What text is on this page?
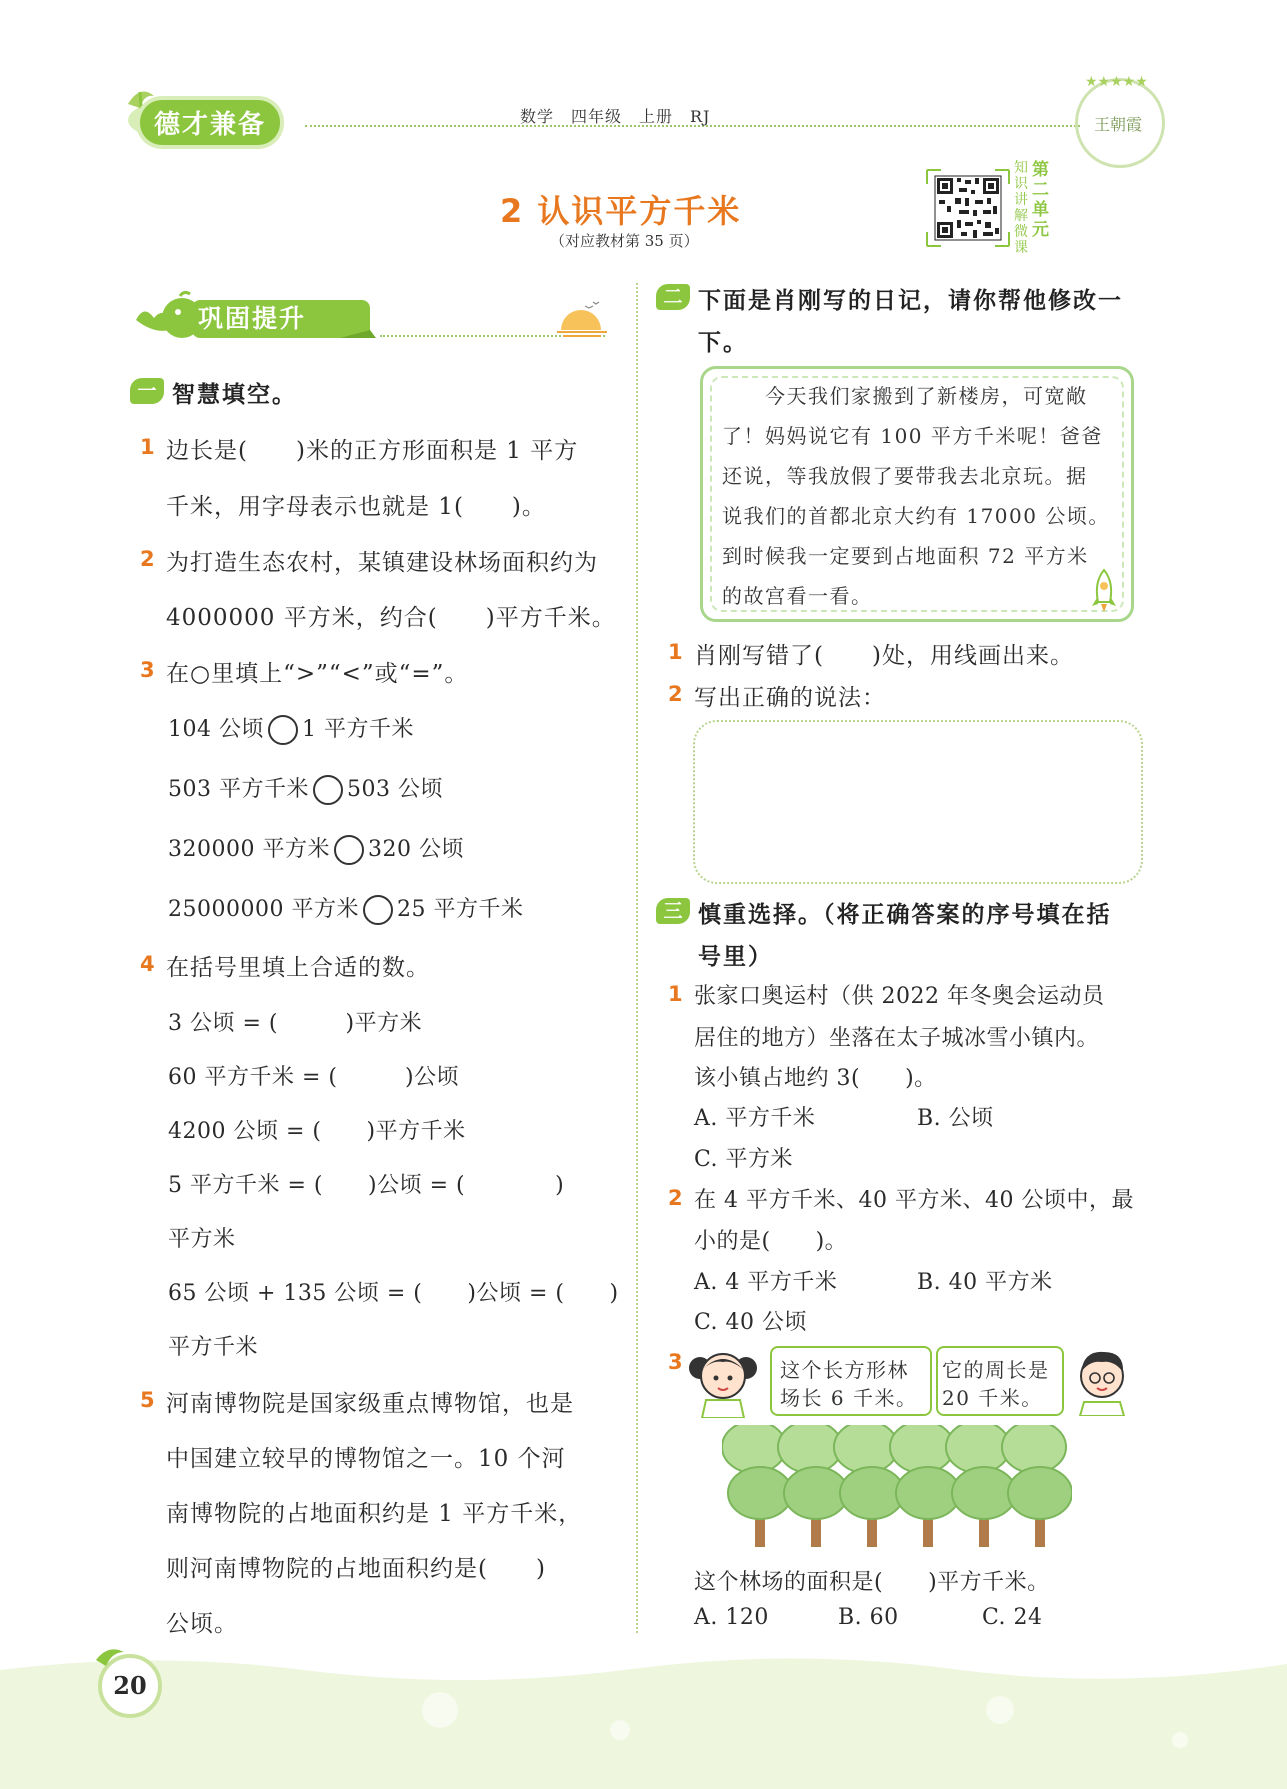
德才兼备	数学　四年级　上册　RJ
★★★★★
王朝霞
2 认识平方千米
（对应教材第 35 页）
知识讲解微课
第二单元
巩固提升
一 智慧填空。
1 边长是(　　)米的正方形面积是 1 平方
千米，用字母表示也就是 1(　　)。
2 为打造生态农村，某镇建设林场面积约为
4000000 平方米，约合(　　)平方千米。
3 在○里填上“>”“<”或“=”。
104 公顷 1 平方千米
503 平方千米 503 公顷
320000 平方米 320 公顷
25000000 平方米 25 平方千米
4 在括号里填上合适的数。
3 公顷 = (　　　)平方米
60 平方千米 = (　　　)公顷
4200 公顷 = (　　)平方千米
5 平方千米 = (　　)公顷 = (　　　　)
平方米
65 公顷 + 135 公顷 = (　　)公顷 = (　　)
平方千米
5 河南博物院是国家级重点博物馆，也是
中国建立较早的博物馆之一。10 个河
南博物院的占地面积约是 1 平方千米，
则河南博物院的占地面积约是(　　)
公顷。
二 下面是肖刚写的日记，请你帮他修改一
下。
　　今天我们家搬到了新楼房，可宽敞
了！妈妈说它有 100 平方千米呢！爸爸
还说，等我放假了要带我去北京玩。据
说我们的首都北京大约有 17000 公顷。
到时候我一定要到占地面积 72 平方米
的故宫看一看。
1 肖刚写错了(　　)处，用线画出来。
2 写出正确的说法：
三 慎重选择。（将正确答案的序号填在括
号里）
1 张家口奥运村（供 2022 年冬奥会运动员
居住的地方）坐落在太子城冰雪小镇内。
该小镇占地约 3(　　)。
A. 平方千米	B. 公顷
C. 平方米
2 在 4 平方千米、40 平方米、40 公顷中，最
小的是(　　)。
A. 4 平方千米	B. 40 平方米
C. 40 公顷
3	这个长方形林
场长 6 千米。
它的周长是
20 千米。
这个林场的面积是(　　)平方千米。
A. 120	B. 60	C. 24
20
